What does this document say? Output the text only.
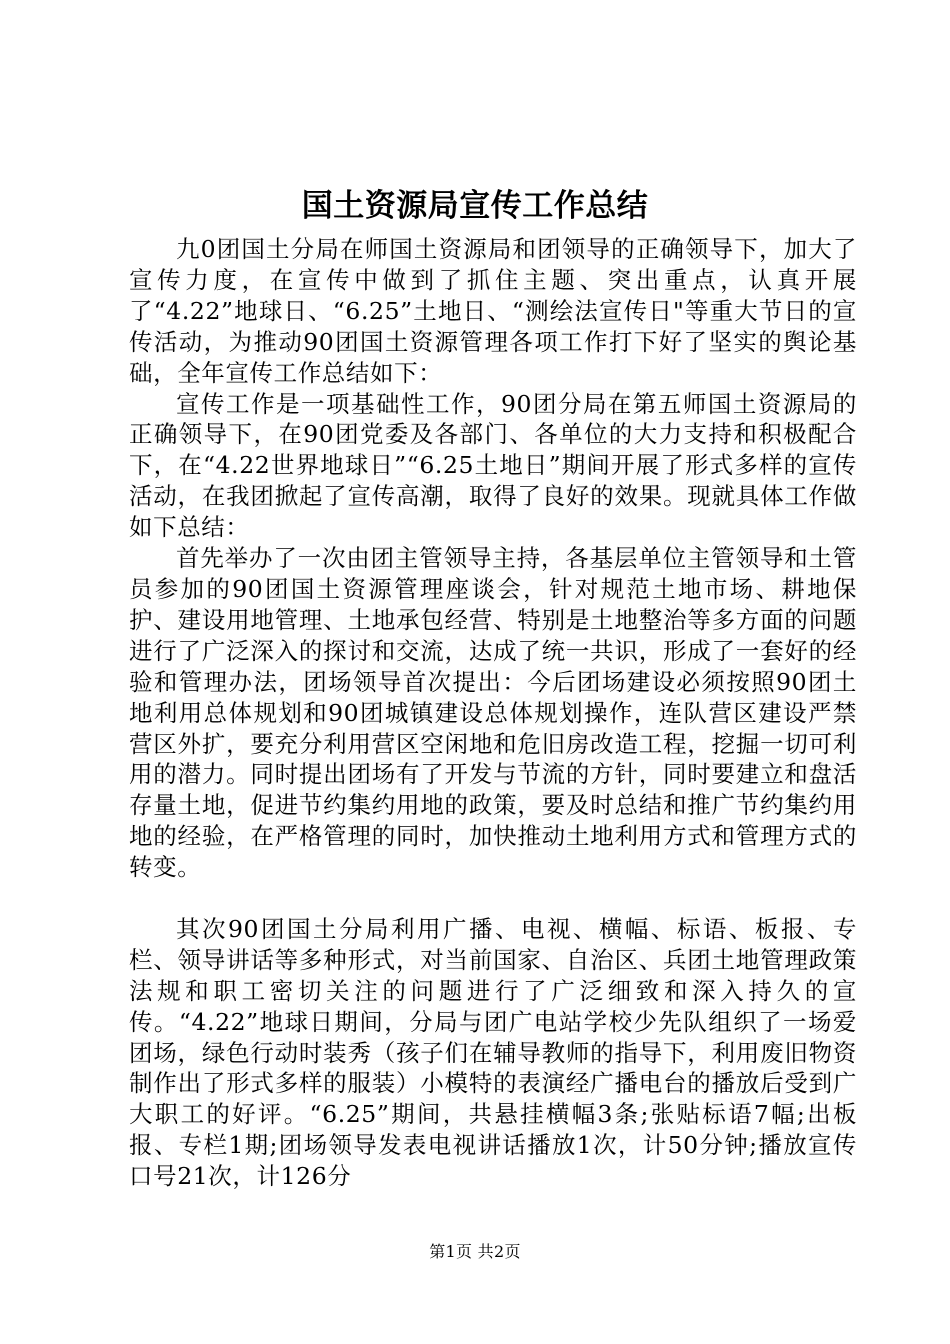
国土资源局宣传工作总结

九0团国土分局在师国土资源局和团领导的正确领导下，加大了宣传力度，在宣传中做到了抓住主题、突出重点，认真开展了“4.22”地球日、“6.25”土地日、“测绘法宣传日"等重大节日的宣传活动，为推动90团国土资源管理各项工作打下好了坚实的舆论基础，全年宣传工作总结如下：

宣传工作是一项基础性工作，90团分局在第五师国土资源局的正确领导下，在90团党委及各部门、各单位的大力支持和积极配合下，在“4.22世界地球日”“6.25土地日”期间开展了形式多样的宣传活动，在我团掀起了宣传高潮，取得了良好的效果。现就具体工作做如下总结：

首先举办了一次由团主管领导主持，各基层单位主管领导和土管员参加的90团国土资源管理座谈会，针对规范土地市场、耕地保护、建设用地管理、土地承包经营、特别是土地整治等多方面的问题进行了广泛深入的探讨和交流，达成了统一共识，形成了一套好的经验和管理办法，团场领导首次提出：今后团场建设必须按照90团土地利用总体规划和90团城镇建设总体规划操作，连队营区建设严禁营区外扩，要充分利用营区空闲地和危旧房改造工程，挖掘一切可利用的潜力。同时提出团场有了开发与节流的方针，同时要建立和盘活存量土地，促进节约集约用地的政策，要及时总结和推广节约集约用地的经验，在严格管理的同时，加快推动土地利用方式和管理方式的转变。

其次90团国土分局利用广播、电视、横幅、标语、板报、专栏、领导讲话等多种形式，对当前国家、自治区、兵团土地管理政策法规和职工密切关注的问题进行了广泛细致和深入持久的宣传。“4.22”地球日期间，分局与团广电站学校少先队组织了一场爱团场，绿色行动时装秀（孩子们在辅导教师的指导下，利用废旧物资制作出了形式多样的服装）小模特的表演经广播电台的播放后受到广大职工的好评。“6.25”期间，共悬挂横幅3条;张贴标语7幅;出板报、专栏1期;团场领导发表电视讲话播放1次，计50分钟;播放宣传口号21次，计126分

第1页 共2页
